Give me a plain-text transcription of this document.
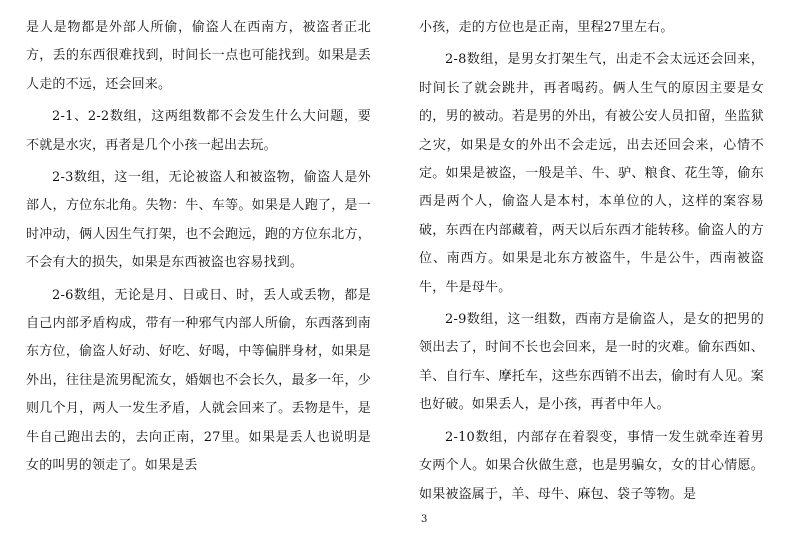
是人是物都是外部人所偷，偷盗人在西南方，被盗者正北方，丢的东西很难找到，时间长一点也可能找到。如果是丢人走的不远，还会回来。

2-1、2-2数组，这两组数都不会发生什么大问题，要不就是水灾，再者是几个小孩一起出去玩。

2-3数组，这一组，无论被盗人和被盗物，偷盗人是外部人，方位东北角。失物：牛、车等。如果是人跑了，是一时冲动，俩人因生气打架，也不会跑远，跑的方位东北方，不会有大的损失，如果是东西被盗也容易找到。

2-6数组，无论是月、日或日、时，丢人或丢物，都是自己内部矛盾构成，带有一种邪气内部人所偷，东西落到南东方位，偷盗人好动、好吃、好喝，中等偏胖身材，如果是外出，往往是流男配流女，婚姻也不会长久，最多一年，少则几个月，两人一发生矛盾，人就会回来了。丢物是牛，是牛自己跑出去的，去向正南，27里。如果是丢人也说明是女的叫男的领走了。如果是丢

小孩，走的方位也是正南，里程27里左右。

2-8数组，是男女打架生气，出走不会太远还会回来，时间长了就会跳井，再者喝药。俩人生气的原因主要是女的，男的被动。若是男的外出，有被公安人员扣留，坐监狱之灾，如果是女的外出不会走远，出去还回会来，心情不定。如果是被盗，一般是羊、牛、驴、粮食、花生等，偷东西是两个人，偷盗人是本村，本单位的人，这样的案容易破，东西在内部藏着，两天以后东西才能转移。偷盗人的方位、南西方。如果是北东方被盗牛，牛是公牛，西南被盗牛，牛是母牛。

2-9数组，这一组数，西南方是偷盗人，是女的把男的领出去了，时间不长也会回来，是一时的灾难。偷东西如、羊、自行车、摩托车，这些东西销不出去，偷时有人见。案也好破。如果丢人，是小孩，再者中年人。

2-10数组，内部存在着裂变，事情一发生就牵连着男女两个人。如果合伙做生意，也是男骗女，女的甘心情愿。如果被盗属于，羊、母牛、麻包、袋子等物。是

3
